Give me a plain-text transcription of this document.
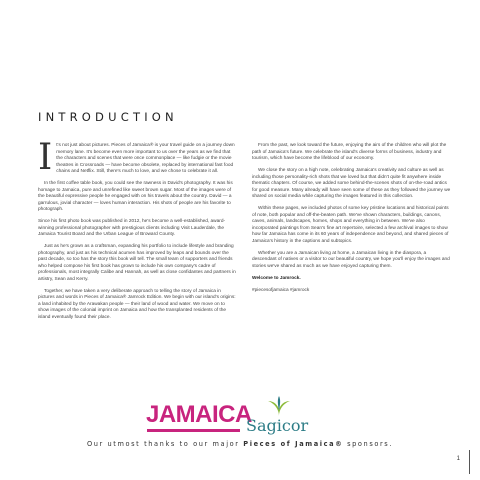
INTRODUCTION

It's not just about pictures. Pieces of Jamaica® is your travel guide on a journey down memory lane. It's become even more important to us over the years as we find that the characters and scenes that were once commonplace — like fudgie or the movie theatres in Crossroads — have become obsolete, replaced by international fast food chains and Netflix. Still, there's much to love, and we chose to celebrate it all.

In the first coffee table book, you could see the rawness in David's photography. It was his homage to Jamaica, pure and unrefined like sweet brown sugar. Most of the images were of the beautiful expressive people he engaged with on his travels about the country. David — a garrulous, jovial character — loves human interaction. His shots of people are his favorite to photograph.

Since his first photo book was published in 2012, he's become a well-established, award-winning professional photographer with prestigious clients including Visit Lauderdale, the Jamaica Tourist Board and the Urban League of Broward County.

Just as he's grown as a craftsman, expanding his portfolio to include lifestyle and branding photography, and just as his technical acumen has improved by leaps and bounds over the past decade, so too has the story this book will tell. The small team of supporters and friends who helped compose his first book has grown to include his own company's cadre of professionals, most integrally Calibe and Hannah, as well as close confidantes and partners in artistry, Sean and Kerry.

Together, we have taken a very deliberate approach to telling the story of Jamaica in pictures and words in Pieces of Jamaica® Jamrock Edition. We begin with our island's origins: a land inhabited by the Arawakan people — their land of wood and water. We move on to show images of the colonial imprint on Jamaica and how the transplanted residents of the island eventually found their place.

From the past, we look toward the future, enjoying the airs of the children who will plot the path of Jamaica's future. We celebrate the island's diverse forms of business, industry and tourism, which have become the lifeblood of our economy.

We close the story on a high note, celebrating Jamaica's creativity and culture as well as including those personality-rich shots that we loved but that didn't quite fit anywhere inside thematic chapters. Of course, we added some behind-the-scenes shots of on-the-road antics for good measure. Many already will have seen some of these as they followed the journey we shared on social media while capturing the images featured in this collection.

Within these pages, we included photos of some key pristine locations and historical points of note, both popular and off-the-beaten path. We've shown characters, buildings, canons, caves, animals, landscapes, homes, shops and everything in between. We've also incorporated paintings from Sean's fine art repertoire, selected a few archival images to show how far Jamaica has come in its 60 years of independence and beyond, and shared pieces of Jamaica's history in the captions and subtopics.

Whether you are a Jamaican living at home, a Jamaican living in the diaspora, a descendant of natives or a visitor to our beautiful country, we hope you'll enjoy the images and stories we've shared as much as we have enjoyed capturing them.

Welcome to Jamrock.

#piecesofjamaica #jamrock

JAMAICA
Sagicor
Our utmost thanks to our major Pieces of Jamaica® sponsors.
1
